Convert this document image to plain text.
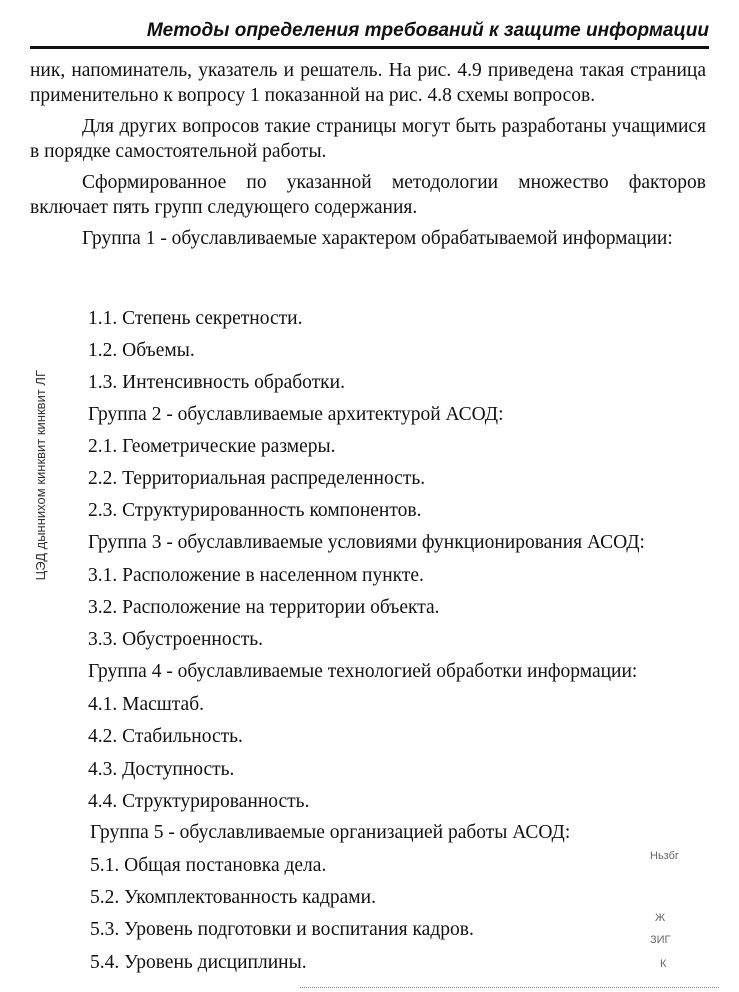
Методы определения требований к защите информации

ник, напоминатель, указатель и решатель. На рис. 4.9 приведена такая страница применительно к вопросу 1 показанной на рис. 4.8 схемы вопросов.

Для других вопросов такие страницы могут быть разработаны учащимися в порядке самостоятельной работы.

Сформированное по указанной методологии множество факторов включает пять групп следующего содержания.

Группа 1 - обуславливаемые характером обрабатываемой информации:

1.1. Степень секретности.
1.2. Объемы.
1.3. Интенсивность обработки.
Группа 2 - обуславливаемые архитектурой АСОД:
2.1. Геометрические размеры.
2.2. Территориальная распределенность.
2.3. Структурированность компонентов.
Группа 3 - обуславливаемые условиями функционирования АСОД:
3.1. Расположение в населенном пункте.
3.2. Расположение на территории объекта.
3.3. Обустроенность.
Группа 4 - обуславливаемые технологией обработки информации:
4.1. Масштаб.
4.2. Стабильность.
4.3. Доступность.
4.4. Структурированность.
Группа 5 - обуславливаемые организацией работы АСОД:
5.1. Общая постановка дела.
5.2. Укомплектованность кадрами.
5.3. Уровень подготовки и воспитания кадров.
5.4. Уровень дисциплины.
ЦЭД дыннихом кинквит кинквит ЛГ
Ньзбг
Ж
ЗИГ
К
